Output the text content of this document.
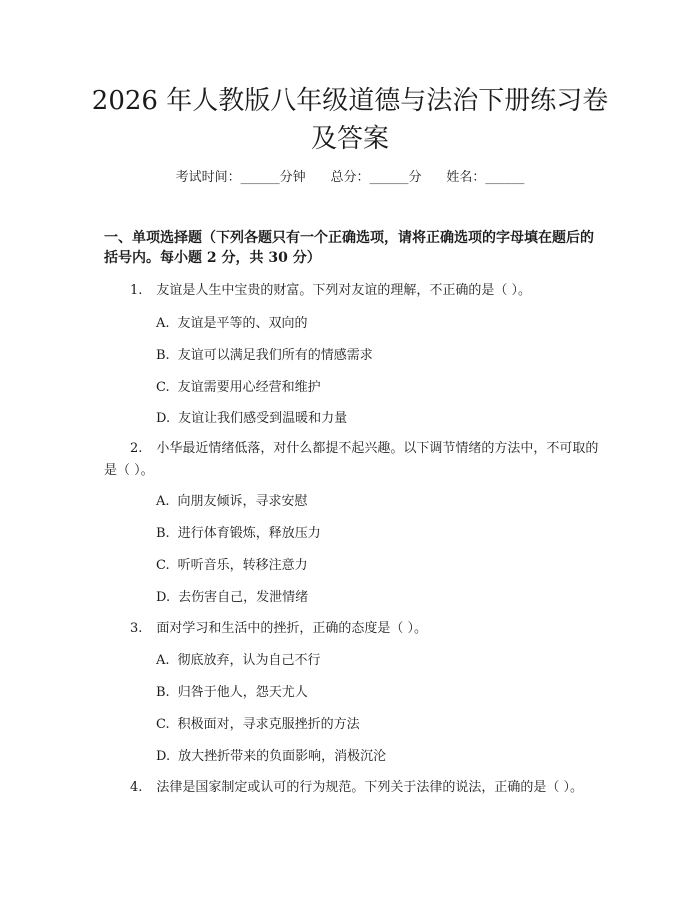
2026 年人教版八年级道德与法治下册练习卷及答案
考试时间：______分钟 总分：______分 姓名：______

一、单项选择题（下列各题只有一个正确选项，请将正确选项的字母填在题后的括号内。每小题 2 分，共 30 分）

1. 友谊是人生中宝贵的财富。下列对友谊的理解，不正确的是（ ）。

A. 友谊是平等的、双向的
B. 友谊可以满足我们所有的情感需求
C. 友谊需要用心经营和维护
D. 友谊让我们感受到温暖和力量

2. 小华最近情绪低落，对什么都提不起兴趣。以下调节情绪的方法中，不可取的是（ ）。

A. 向朋友倾诉，寻求安慰
B. 进行体育锻炼，释放压力
C. 听听音乐，转移注意力
D. 去伤害自己，发泄情绪

3. 面对学习和生活中的挫折，正确的态度是（ ）。

A. 彻底放弃，认为自己不行
B. 归咎于他人，怨天尤人
C. 积极面对，寻求克服挫折的方法
D. 放大挫折带来的负面影响，消极沉沦

4. 法律是国家制定或认可的行为规范。下列关于法律的说法，正确的是（ ）。
